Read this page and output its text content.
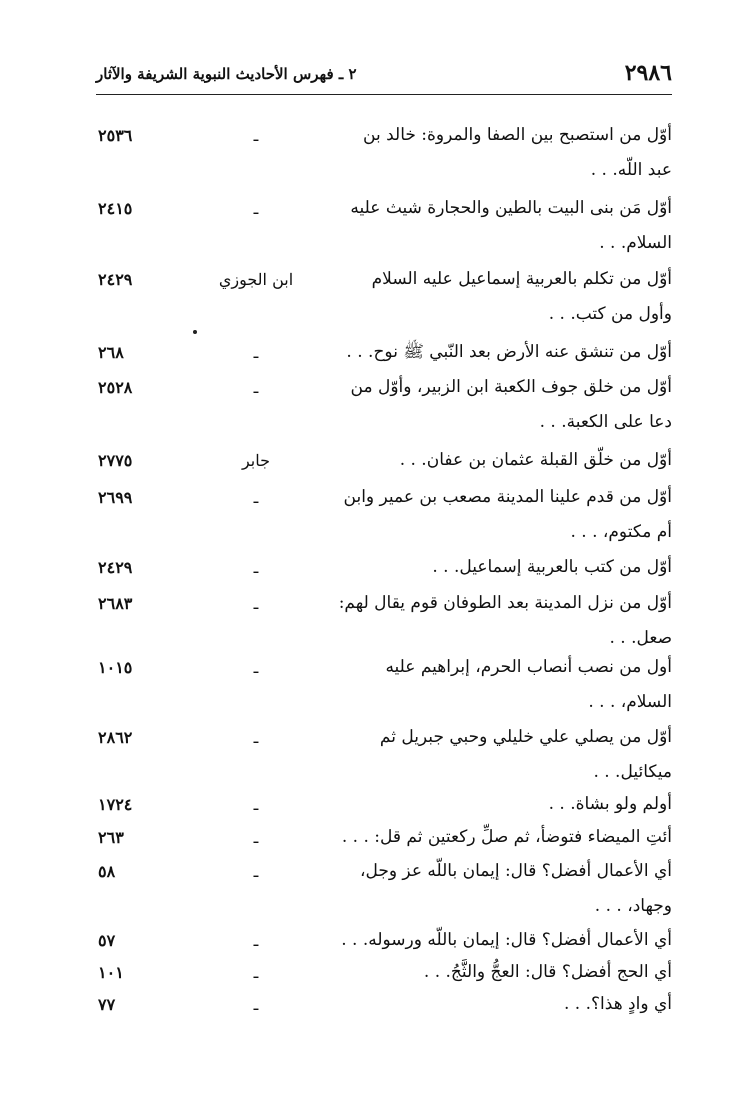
٢٩٨٦
٢ ـ فهرس الأحاديث النبوية الشريفة والآثار
أوّل من استصبح بين الصفا والمروة: خالد بن عبد اللّه. . .
ـ
٢٥٣٦
أوّل مَن بنى البيت بالطين والحجارة شيث عليه السلام. . .
ـ
٢٤١٥
أوّل من تكلم بالعربية إسماعيل عليه السلام وأول من كتب. . .
ابن الجوزي
٢٤٢٩
أوّل من تنشق عنه الأرض بعد النّبي ﷺ نوح. . .
ـ
٢٦٨
أوّل من خلق جوف الكعبة ابن الزبير، وأوّل من دعا على الكعبة. . .
ـ
٢٥٢٨
أوّل من خلّق القبلة عثمان بن عفان. . .
جابر
٢٧٧٥
أوّل من قدم علينا المدينة مصعب بن عمير وابن أم مكتوم، . . .
ـ
٢٦٩٩
أوّل من كتب بالعربية إسماعيل. . .
ـ
٢٤٢٩
أوّل من نزل المدينة بعد الطوفان قوم يقال لهم: صعل. . .
ـ
٢٦٨٣
أول من نصب أنصاب الحرم، إبراهيم عليه السلام، . . .
ـ
١٠١٥
أوّل من يصلي علي خليلي وحبي جبريل ثم ميكائيل. . .
ـ
٢٨٦٢
أولم ولو بشاة. . .
ـ
١٧٢٤
أئتِ الميضاء فتوضأ، ثم صلِّ ركعتين ثم قل: . . .
ـ
٢٦٣
أي الأعمال أفضل؟ قال: إيمان باللّه عز وجل، وجهاد، . . .
ـ
٥٨
أي الأعمال أفضل؟ قال: إيمان باللّه ورسوله. . .
ـ
٥٧
أي الحج أفضل؟ قال: العجُّ والثَّجُ. . .
ـ
١٠١
أي وادٍ هذا؟. . .
ـ
٧٧
